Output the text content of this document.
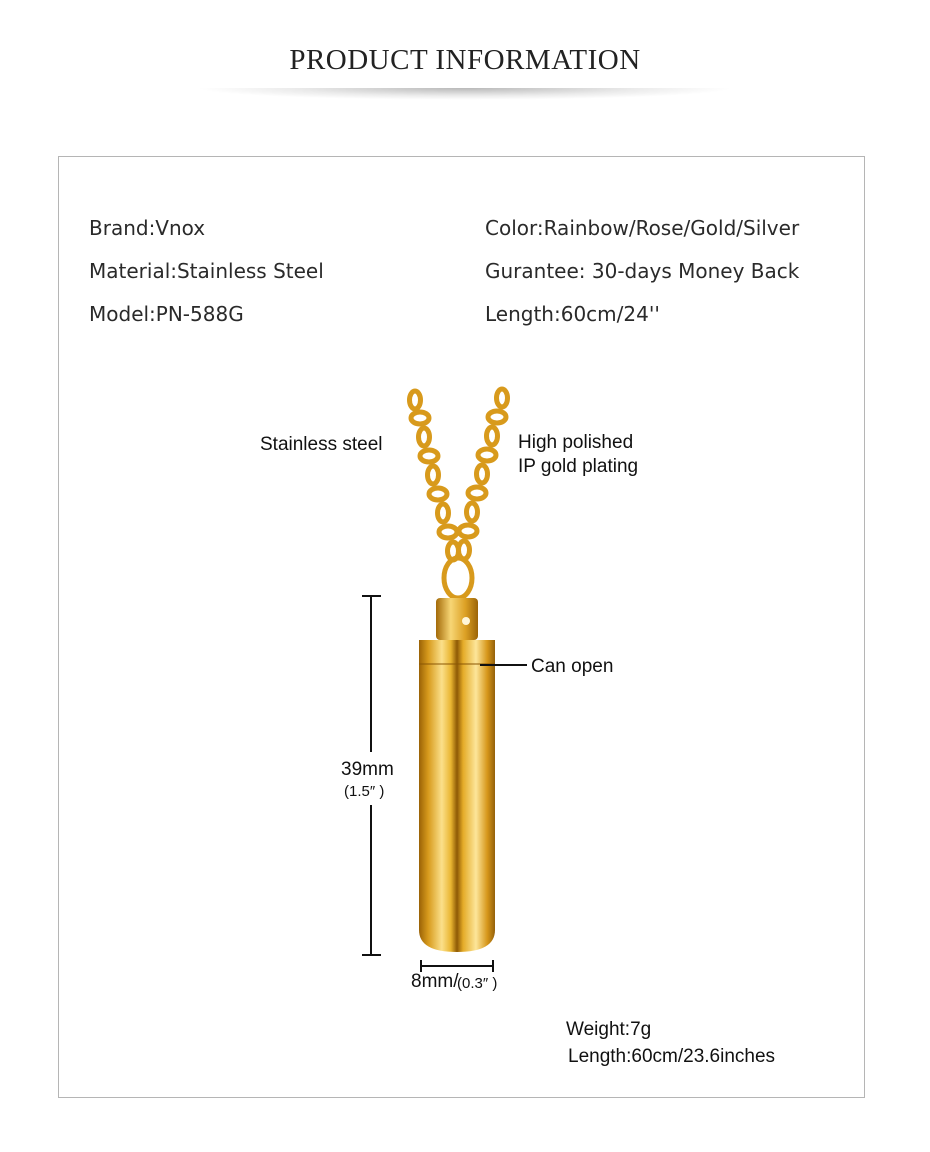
PRODUCT INFORMATION
Brand:Vnox
Material:Stainless Steel
Model:PN-588G
Color:Rainbow/Rose/Gold/Silver
Gurantee: 30-days Money Back
Length:60cm/24''
Stainless steel	High polished
IP gold plating
Can open
39mm
(1.5″ )
8mm/
(0.3″ )
Weight:7g
Length:60cm/23.6inches
